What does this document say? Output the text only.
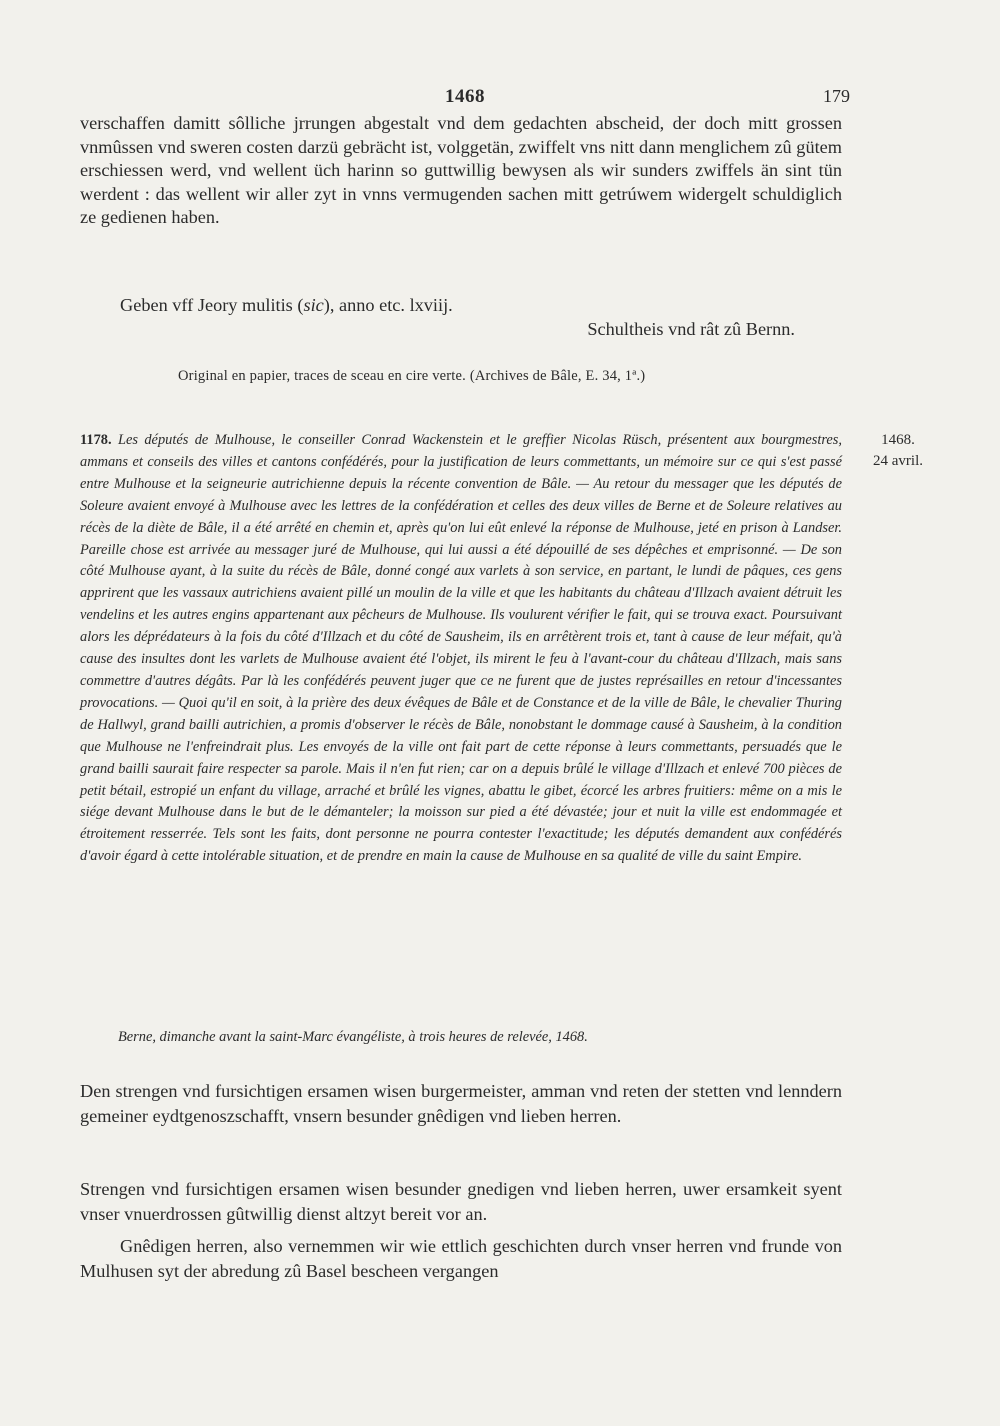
1468	179

verschaffen damitt sôlliche jrrungen abgestalt vnd dem gedachten abscheid, der doch mitt grossen vnmûssen vnd sweren costen darzü gebrächt ist, volggetän, zwiffelt vns nitt dann menglichem zû gütem erschiessen werd, vnd wellent üch harinn so guttwillig bewysen als wir sunders zwiffels än sint tün werdent : das wellent wir aller zyt in vnns vermugenden sachen mitt getrúwem widergelt schuldiglich ze gedienen haben.

Geben vff Jeory mulitis (sic), anno etc. lxviij.

Schultheis vnd rât zû Bernn.
Original en papier, traces de sceau en cire verte. (Archives de Bâle, E. 34, 1ª.)

1178. Les députés de Mulhouse, le conseiller Conrad Wackenstein et le greffier Nicolas Rüsch, présentent aux bourgmestres, ammans et conseils des villes et cantons confédérés, pour la justification de leurs commettants, un mémoire sur ce qui s'est passé entre Mulhouse et la seigneurie autrichienne depuis la récente convention de Bâle. — Au retour du messager que les députés de Soleure avaient envoyé à Mulhouse avec les lettres de la confédération et celles des deux villes de Berne et de Soleure relatives au récès de la diète de Bâle, il a été arrêté en chemin et, après qu'on lui eût enlevé la réponse de Mulhouse, jeté en prison à Landser. Pareille chose est arrivée au messager juré de Mulhouse, qui lui aussi a été dépouillé de ses dépêches et emprisonné. — De son côté Mulhouse ayant, à la suite du récès de Bâle, donné congé aux varlets à son service, en partant, le lundi de pâques, ces gens apprirent que les vassaux autrichiens avaient pillé un moulin de la ville et que les habitants du château d'Illzach avaient détruit les vendelins et les autres engins appartenant aux pêcheurs de Mulhouse. Ils voulurent vérifier le fait, qui se trouva exact. Poursuivant alors les déprédateurs à la fois du côté d'Illzach et du côté de Sausheim, ils en arrêtèrent trois et, tant à cause de leur méfait, qu'à cause des insultes dont les varlets de Mulhouse avaient été l'objet, ils mirent le feu à l'avant-cour du château d'Illzach, mais sans commettre d'autres dégâts. Par là les confédérés peuvent juger que ce ne furent que de justes représailles en retour d'incessantes provocations. — Quoi qu'il en soit, à la prière des deux évêques de Bâle et de Constance et de la ville de Bâle, le chevalier Thuring de Hallwyl, grand bailli autrichien, a promis d'observer le récès de Bâle, nonobstant le dommage causé à Sausheim, à la condition que Mulhouse ne l'enfreindrait plus. Les envoyés de la ville ont fait part de cette réponse à leurs commettants, persuadés que le grand bailli saurait faire respecter sa parole. Mais il n'en fut rien; car on a depuis brûlé le village d'Illzach et enlevé 700 pièces de petit bétail, estropié un enfant du village, arraché et brûlé les vignes, abattu le gibet, écorcé les arbres fruitiers: même on a mis le siége devant Mulhouse dans le but de le démanteler; la moisson sur pied a été dévastée; jour et nuit la ville est endommagée et étroitement resserrée. Tels sont les faits, dont personne ne pourra contester l'exactitude; les députés demandent aux confédérés d'avoir égard à cette intolérable situation, et de prendre en main la cause de Mulhouse en sa qualité de ville du saint Empire.

1468.
24 avril.
Berne, dimanche avant la saint-Marc évangéliste, à trois heures de relevée, 1468.

Den strengen vnd fursichtigen ersamen wisen burgermeister, amman vnd reten der stetten vnd lenndern gemeiner eydtgenoszschafft, vnsern besunder gnêdigen vnd lieben herren.

Strengen vnd fursichtigen ersamen wisen besunder gnedigen vnd lieben herren, uwer ersamkeit syent vnser vnuerdrossen gûtwillig dienst altzyt bereit vor an.

Gnêdigen herren, also vernemmen wir wie ettlich geschichten durch vnser herren vnd frunde von Mulhusen syt der abredung zû Basel bescheen vergangen
